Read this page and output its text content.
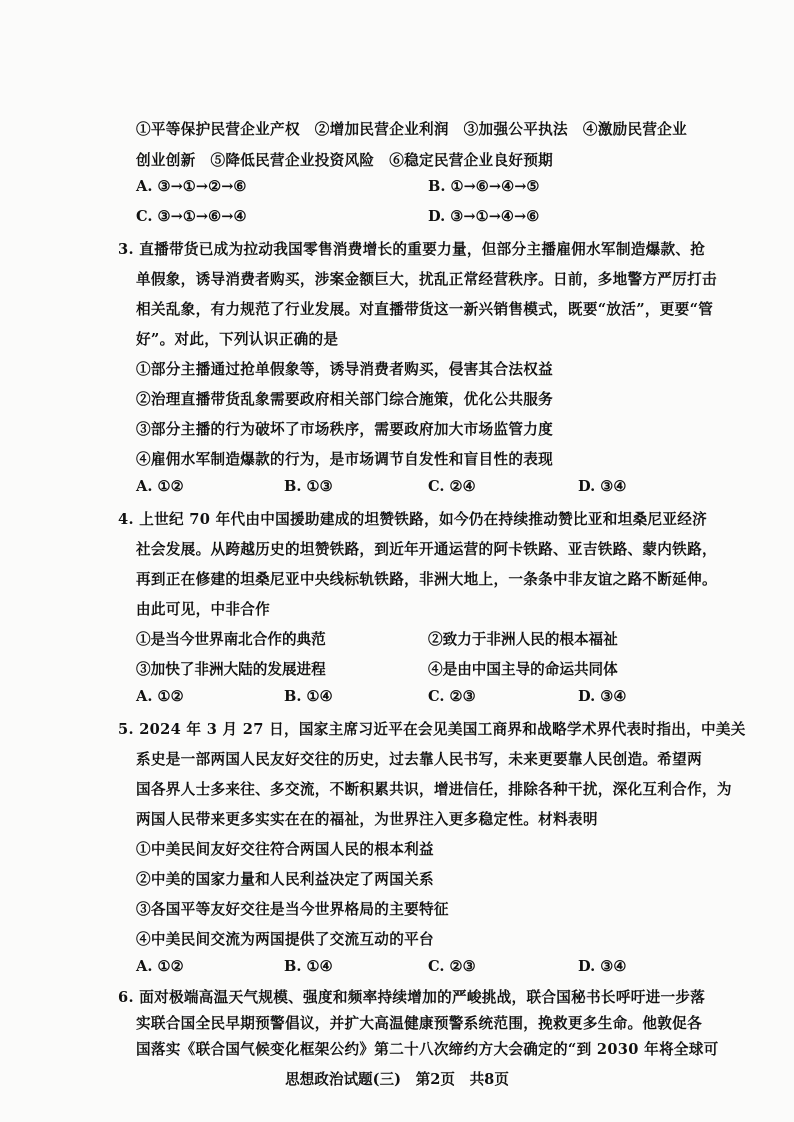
①平等保护民营企业产权　②增加民营企业利润　③加强公平执法　④激励民营企业
创业创新　⑤降低民营企业投资风险　⑥稳定民营企业良好预期
A. ③→①→②→⑥	B. ①→⑥→④→⑤
C. ③→①→⑥→④	D. ③→①→④→⑥
3. 直播带货已成为拉动我国零售消费增长的重要力量，但部分主播雇佣水军制造爆款、抢
单假象，诱导消费者购买，涉案金额巨大，扰乱正常经营秩序。日前，多地警方严厉打击
相关乱象，有力规范了行业发展。对直播带货这一新兴销售模式，既要“放活”，更要“管
好”。对此，下列认识正确的是
①部分主播通过抢单假象等，诱导消费者购买，侵害其合法权益
②治理直播带货乱象需要政府相关部门综合施策，优化公共服务
③部分主播的行为破坏了市场秩序，需要政府加大市场监管力度
④雇佣水军制造爆款的行为，是市场调节自发性和盲目性的表现
A. ①②	B. ①③	C. ②④	D. ③④
4. 上世纪 70 年代由中国援助建成的坦赞铁路，如今仍在持续推动赞比亚和坦桑尼亚经济
社会发展。从跨越历史的坦赞铁路，到近年开通运营的阿卡铁路、亚吉铁路、蒙内铁路，
再到正在修建的坦桑尼亚中央线标轨铁路，非洲大地上，一条条中非友谊之路不断延伸。
由此可见，中非合作
①是当今世界南北合作的典范	②致力于非洲人民的根本福祉
③加快了非洲大陆的发展进程	④是由中国主导的命运共同体
A. ①②	B. ①④	C. ②③	D. ③④
5. 2024 年 3 月 27 日，国家主席习近平在会见美国工商界和战略学术界代表时指出，中美关
系史是一部两国人民友好交往的历史，过去靠人民书写，未来更要靠人民创造。希望两
国各界人士多来往、多交流，不断积累共识，增进信任，排除各种干扰，深化互利合作，为
两国人民带来更多实实在在的福祉，为世界注入更多稳定性。材料表明
①中美民间友好交往符合两国人民的根本利益
②中美的国家力量和人民利益决定了两国关系
③各国平等友好交往是当今世界格局的主要特征
④中美民间交流为两国提供了交流互动的平台
A. ①②	B. ①④	C. ②③	D. ③④
6. 面对极端高温天气规模、强度和频率持续增加的严峻挑战，联合国秘书长呼吁进一步落
实联合国全民早期预警倡议，并扩大高温健康预警系统范围，挽救更多生命。他敦促各
国落实《联合国气候变化框架公约》第二十八次缔约方大会确定的“到 2030 年将全球可
思想政治试题(三)　第2页　共8页
